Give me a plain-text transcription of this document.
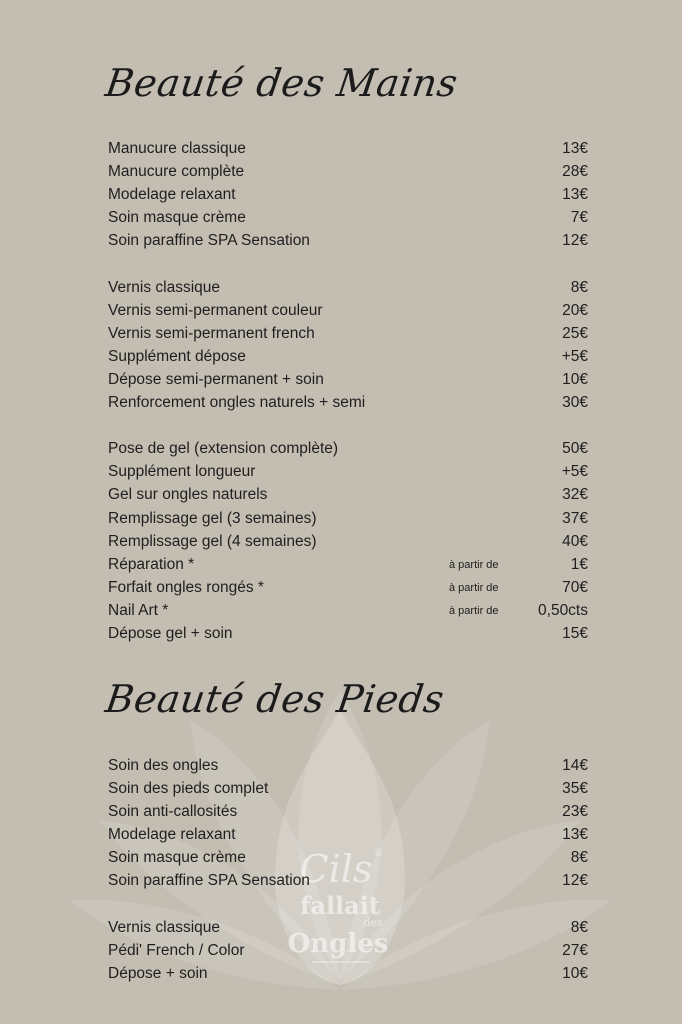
Cils ®
fallait
des
Ongles
Beauté des Mains
Manucure classique	13€
Manucure complète	28€
Modelage relaxant	13€
Soin masque crème	7€
Soin paraffine SPA Sensation	12€
Vernis classique	8€
Vernis semi-permanent couleur	20€
Vernis semi-permanent french	25€
Supplément dépose	+5€
Dépose semi-permanent + soin	10€
Renforcement ongles naturels + semi	30€
Pose de gel (extension complète)	50€
Supplément longueur	+5€
Gel sur ongles naturels	32€
Remplissage gel (3 semaines)	37€
Remplissage gel (4 semaines)	40€
Réparation *	à partir de	1€
Forfait ongles rongés *	à partir de	70€
Nail Art *	à partir de	0,50cts
Dépose gel + soin	15€
Beauté des Pieds
Soin des ongles	14€
Soin des pieds complet	35€
Soin anti-callosités	23€
Modelage relaxant	13€
Soin masque crème	8€
Soin paraffine SPA Sensation	12€
Vernis classique	8€
Pédi' French / Color	27€
Dépose + soin	10€
